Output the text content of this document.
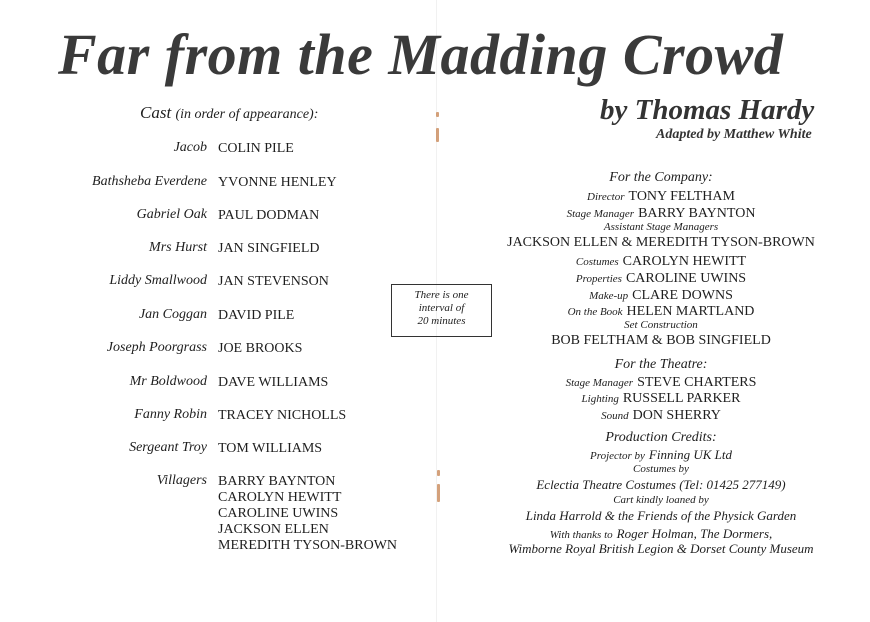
Far from the Madding Crowd
by Thomas Hardy
Adapted by Matthew White
Cast (in order of appearance):
Jacob COLIN PILE
Bathsheba Everdene YVONNE HENLEY
Gabriel Oak PAUL DODMAN
Mrs Hurst JAN SINGFIELD
Liddy Smallwood JAN STEVENSON
Jan Coggan DAVID PILE
Joseph Poorgrass JOE BROOKS
Mr Boldwood DAVE WILLIAMS
Fanny Robin TRACEY NICHOLLS
Sergeant Troy TOM WILLIAMS
Villagers BARRY BAYNTON
CAROLYN HEWITT
CAROLINE UWINS
JACKSON ELLEN
MEREDITH TYSON-BROWN
There is one
interval of
20 minutes
For the Company:
Director TONY FELTHAM
Stage Manager BARRY BAYNTON
Assistant Stage Managers
JACKSON ELLEN & MEREDITH TYSON-BROWN
Costumes CAROLYN HEWITT
Properties CAROLINE UWINS
Make-up CLARE DOWNS
On the Book HELEN MARTLAND
Set Construction
BOB FELTHAM & BOB SINGFIELD
For the Theatre:
Stage Manager STEVE CHARTERS
Lighting RUSSELL PARKER
Sound DON SHERRY
Production Credits:
Projector by Finning UK Ltd
Costumes by
Eclectia Theatre Costumes (Tel: 01425 277149)
Cart kindly loaned by
Linda Harrold & the Friends of the Physick Garden
With thanks to Roger Holman, The Dormers,
Wimborne Royal British Legion & Dorset County Museum
